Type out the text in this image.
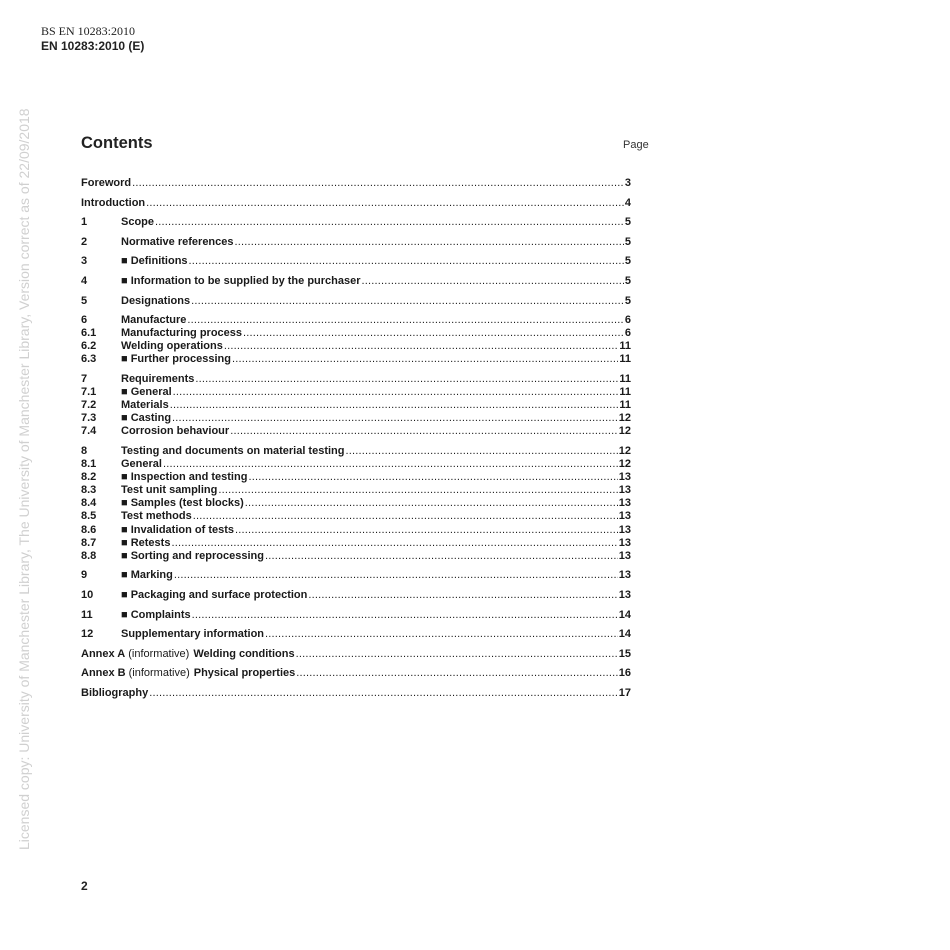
BS EN 10283:2010
EN 10283:2010 (E)
Licensed copy: University of Manchester Library, The University of Manchester Library, Version correct as of 22/09/2018	Contents	Page
Foreword .....	3
Introduction .....	4
1	Scope .....	5
2	Normative references .....	5
3	■ Definitions .....	5
4	■ Information to be supplied by the purchaser .....	5
5	Designations .....	5
6	Manufacture .....	6
6.1	Manufacturing process .....	6
6.2	Welding operations .....	11
6.3	■ Further processing .....	11
7	Requirements .....	11
7.1	■ General .....	11
7.2	Materials .....	11
7.3	■ Casting .....	12
7.4	Corrosion behaviour .....	12
8	Testing and documents on material testing .....	12
8.1	General .....	12
8.2	■ Inspection and testing .....	13
8.3	Test unit sampling .....	13
8.4	■ Samples (test blocks) .....	13
8.5	Test methods .....	13
8.6	■ Invalidation of tests .....	13
8.7	■ Retests .....	13
8.8	■ Sorting and reprocessing .....	13
9	■ Marking .....	13
10	■ Packaging and surface protection .....	13
11	■ Complaints .....	14
12	Supplementary information .....	14
Annex A (informative) Welding conditions .....	15
Annex B (informative) Physical properties .....	16
Bibliography .....	17
2
